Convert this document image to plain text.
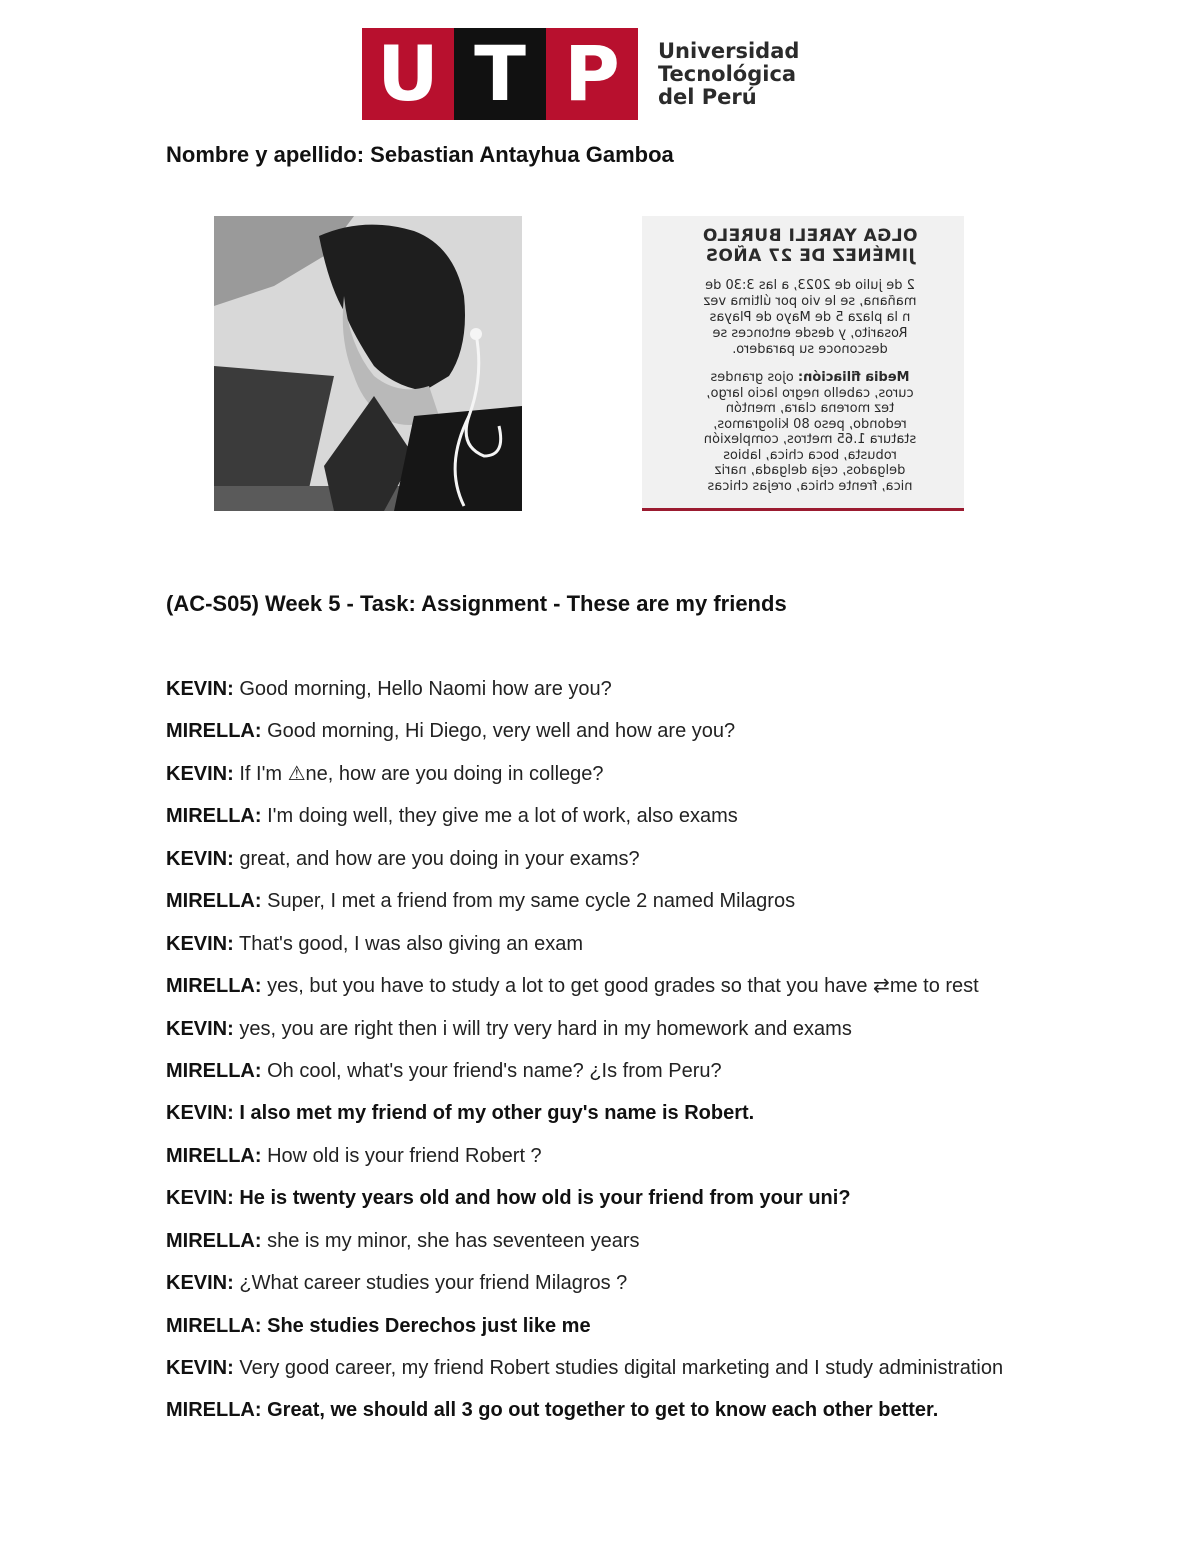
U T P	Universidad
Tecnológica
del Perú
Nombre y apellido: Sebastian Antayhua Gamboa
OLGA YARELI BURELO
JIMÉNEZ DE 27 AÑOS
2 de julio de 2023, a las 3:30 de
mañana, se le vio por última vez
n la plaza 5 de Mayo de Playas
Rosarito, y desde entonces se
desconoce su paradero.
Media filiación: ojos grandes
curos, cabello negro lacio largo,
tez morena clara, mentón
redondo, peso 80 kilogramos,
statura 1.65 metros, complexión
robusta, boca chica, labios
delgados, ceja delgada, nariz
nica, frente chica, orejas chicas
(AC-S05) Week 5 - Task: Assignment - These are my friends
KEVIN: Good morning, Hello Naomi how are you?
MIRELLA: Good morning, Hi Diego, very well and how are you?
KEVIN: If I'm ⚠ne, how are you doing in college?
MIRELLA: I'm doing well, they give me a lot of work, also exams
KEVIN: great, and how are you doing in your exams?
MIRELLA: Super, I met a friend from my same cycle 2 named Milagros
KEVIN: That's good, I was also giving an exam
MIRELLA: yes, but you have to study a lot to get good grades so that you have ⇄me to rest
KEVIN: yes, you are right then i will try very hard in my homework and exams
MIRELLA: Oh cool, what's your friend's name? ¿Is from Peru?
KEVIN: I also met my friend of my other guy's name is Robert.
MIRELLA: How old is your friend Robert ?
KEVIN: He is twenty years old and how old is your friend from your uni?
MIRELLA: she is my minor, she has seventeen years
KEVIN: ¿What career studies your friend Milagros ?
MIRELLA: She studies Derechos just like me
KEVIN: Very good career, my friend Robert studies digital marketing and I study administration
MIRELLA: Great, we should all 3 go out together to get to know each other better.
